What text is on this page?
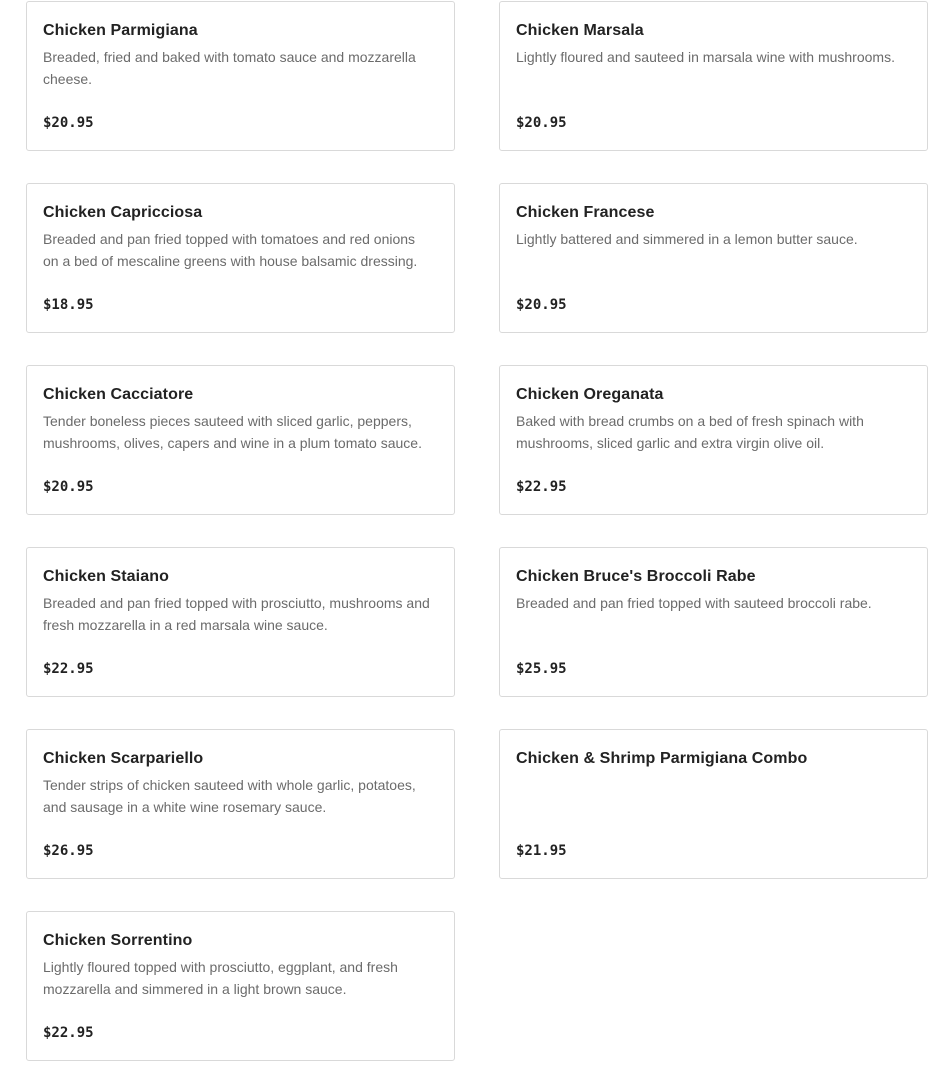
Chicken Parmigiana
Breaded, fried and baked with tomato sauce and mozzarella cheese.
$20.95
Chicken Marsala
Lightly floured and sauteed in marsala wine with mushrooms.
$20.95
Chicken Capricciosa
Breaded and pan fried topped with tomatoes and red onions on a bed of mescaline greens with house balsamic dressing.
$18.95
Chicken Francese
Lightly battered and simmered in a lemon butter sauce.
$20.95
Chicken Cacciatore
Tender boneless pieces sauteed with sliced garlic, peppers, mushrooms, olives, capers and wine in a plum tomato sauce.
$20.95
Chicken Oreganata
Baked with bread crumbs on a bed of fresh spinach with mushrooms, sliced garlic and extra virgin olive oil.
$22.95
Chicken Staiano
Breaded and pan fried topped with prosciutto, mushrooms and fresh mozzarella in a red marsala wine sauce.
$22.95
Chicken Bruce's Broccoli Rabe
Breaded and pan fried topped with sauteed broccoli rabe.
$25.95
Chicken Scarpariello
Tender strips of chicken sauteed with whole garlic, potatoes, and sausage in a white wine rosemary sauce.
$26.95
Chicken & Shrimp Parmigiana Combo
$21.95
Chicken Sorrentino
Lightly floured topped with prosciutto, eggplant, and fresh mozzarella and simmered in a light brown sauce.
$22.95
